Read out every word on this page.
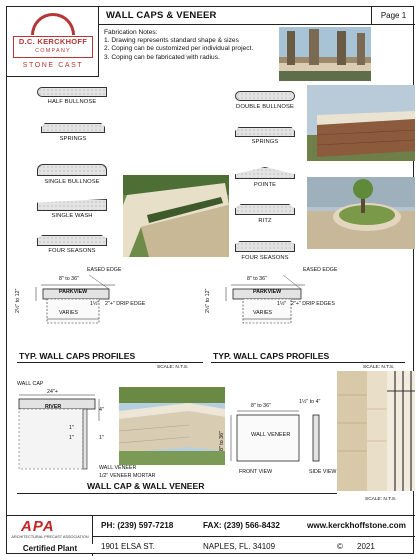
D.C. KERCKHOFF
COMPANY
STONE CAST
WALL CAPS & VENEER	Page 1
Fabrication Notes:
1. Drawing represents standard shape & sizes
2. Coping can be customized per individual project.
3. Coping can be fabricated with radius.
HALF BULLNOSE
SPRINGS
SINGLE BULLNOSE
SINGLE WASH
FOUR SEASONS
DOUBLE BULLNOSE
SPRINGS
POINTE
RITZ
FOUR SEASONS
EASED EDGE
8" to 36"
2½" to 12"	PARKVIEW
VARIES
1½" 2"+" DRIP EDGE
EASED EDGE
8" to 36"
2½" to 12"	PARKVIEW
VARIES
1½" 2"+" DRIP EDGES
TYP. WALL CAPS PROFILES
SCALE: N.T.S.
TYP. WALL CAPS PROFILES
SCALE: N.T.S.
WALL CAP
24"+
RIVER	4"
1"
1"	1"
WALL VENEER
1/2" VENEER MORTAR
8" to 36"
1½" to 4"
8" to 36"	WALL VENEER
FRONT VIEW	SIDE VIEW
WALL CAP & WALL VENEER
SCALE: N.T.S.
APA
ARCHITECTURAL PRECAST ASSOCIATION
Certified Plant
PH: (239) 597-7218	FAX: (239) 566-8432	www.kerckhoffstone.com
1901 ELSA ST.	NAPLES, FL. 34109	© 2021
